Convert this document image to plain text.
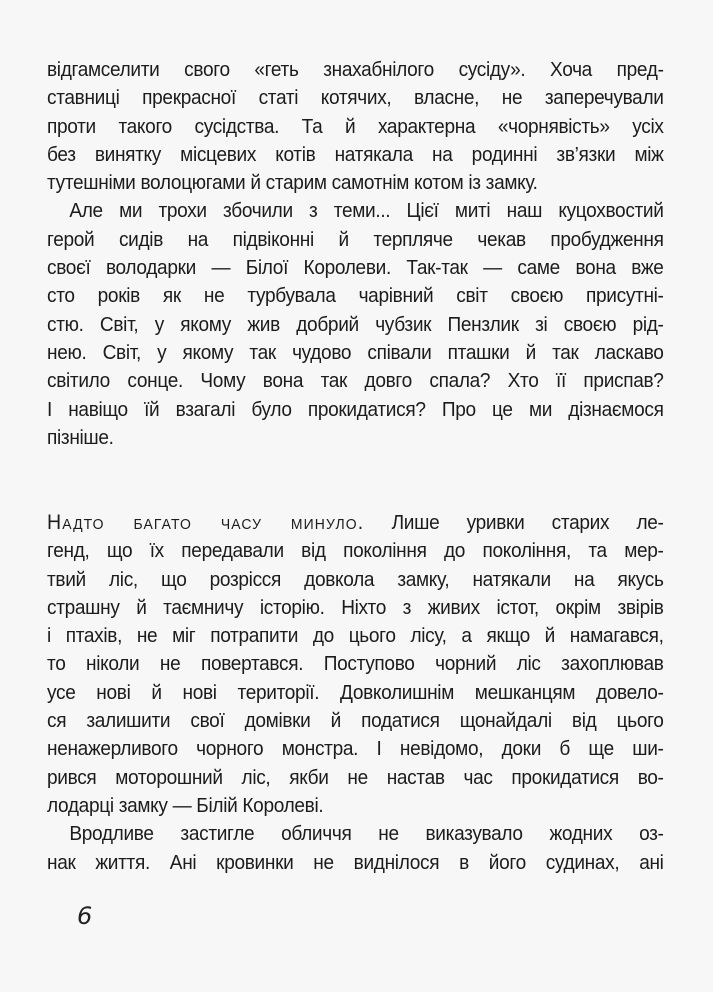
відгамселити свого «геть знахабнілого сусіду». Хоча пред-
ставниці прекрасної статі котячих, власне, не заперечували
проти такого сусідства. Та й характерна «чорнявість» усіх
без винятку місцевих котів натякала на родинні зв’язки між
тутешніми волоцюгами й старим самотнім котом із замку.
Але ми трохи збочили з теми... Цієї миті наш куцохвостий
герой сидів на підвіконні й терпляче чекав пробудження
своєї володарки — Білої Королеви. Так-так — саме вона вже
сто років як не турбувала чарівний світ своєю присутні-
стю. Світ, у якому жив добрий чубзик Пензлик зі своєю рід-
нею. Світ, у якому так чудово співали пташки й так ласкаво
світило сонце. Чому вона так довго спала? Хто її приспав?
І навіщо їй взагалі було прокидатися? Про це ми дізнаємося
пізніше.
Надто багато часу минуло. Лише уривки старих ле-
генд, що їх передавали від покоління до покоління, та мер-
твий ліс, що розрісся довкола замку, натякали на якусь
страшну й таємничу історію. Ніхто з живих істот, окрім звірів
і птахів, не міг потрапити до цього лісу, а якщо й намагався,
то ніколи не повертався. Поступово чорний ліс захоплював
усе нові й нові території. Довколишнім мешканцям довело-
ся залишити свої домівки й податися щонайдалі від цього
ненажерливого чорного монстра. І невідомо, доки б ще ши-
рився моторошний ліс, якби не настав час прокидатися во-
лодарці замку — Білій Королеві.
Вродливе застигле обличчя не виказувало жодних оз-
нак життя. Ані кровинки не виднілося в його судинах, ані
6
